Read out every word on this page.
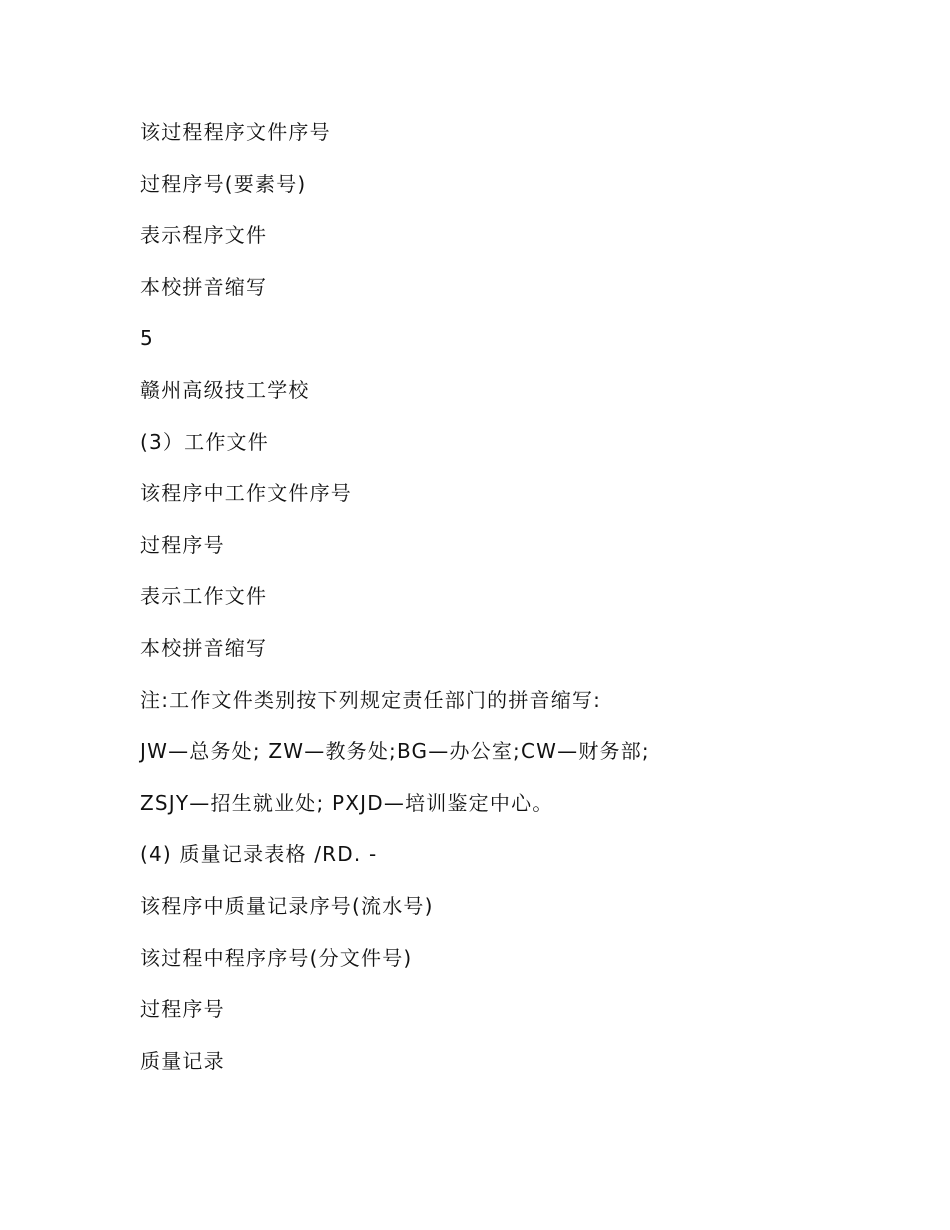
该过程程序文件序号
过程序号(要素号)
表示程序文件
本校拼音缩写
5
赣州高级技工学校
(3）工作文件
该程序中工作文件序号
过程序号
表示工作文件
本校拼音缩写
注:工作文件类别按下列规定责任部门的拼音缩写:
JW—总务处; ZW—教务处;BG—办公室;CW—财务部;
ZSJY—招生就业处; PXJD—培训鉴定中心。
(4) 质量记录表格 /RD. -
该程序中质量记录序号(流水号)
该过程中程序序号(分文件号)
过程序号
质量记录
